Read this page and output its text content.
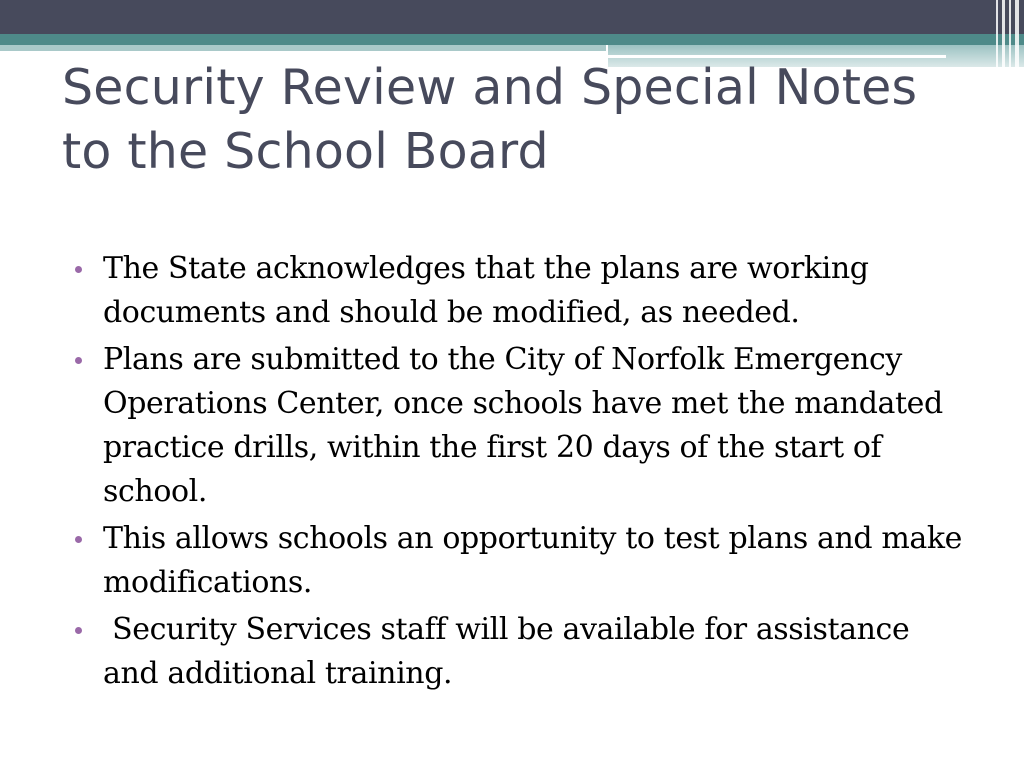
Security Review and Special Notes to the School Board
The State acknowledges that the plans are working documents and should be modified, as needed.
Plans are submitted to the City of Norfolk Emergency Operations Center, once schools have met the mandated practice drills, within the first 20 days of the start of school.
This allows schools an opportunity to test plans and make modifications.
Security Services staff will be available for assistance and additional training.
